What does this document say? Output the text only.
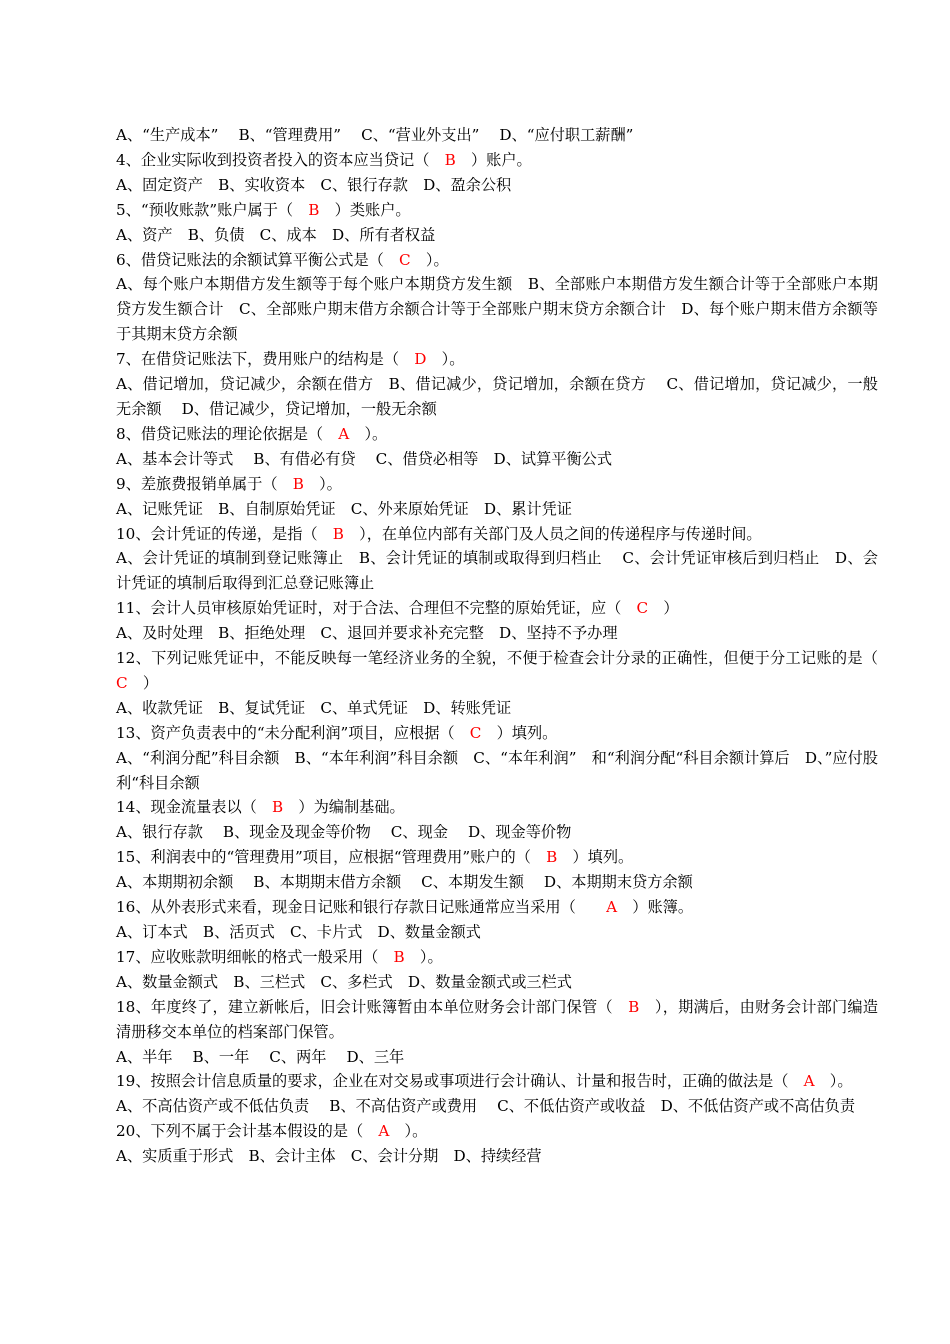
A、“生产成本”　 B、“管理费用”　 C、“营业外支出”　 D、“应付职工薪酬”

4、企业实际收到投资者投入的资本应当贷记（　B　）账户。

A、固定资产　B、实收资本　C、银行存款　D、盈余公积

5、“预收账款”账户属于（　B　）类账户。

A、资产　B、负债　C、成本　D、所有者权益

6、借贷记账法的余额试算平衡公式是（　C　）。

A、每个账户本期借方发生额等于每个账户本期贷方发生额　B、全部账户本期借方发生额合计等于全部账户本期贷方发生额合计　C、全部账户期末借方余额合计等于全部账户期末贷方余额合计　D、每个账户期末借方余额等于其期末贷方余额

7、在借贷记账法下，费用账户的结构是（　D　）。

A、借记增加，贷记减少，余额在借方　B、借记减少，贷记增加，余额在贷方　 C、借记增加，贷记减少，一般无余额　 D、借记减少，贷记增加，一般无余额

8、借贷记账法的理论依据是（　A　）。

A、基本会计等式　 B、有借必有贷　 C、借贷必相等　D、试算平衡公式

9、差旅费报销单属于（　B　）。

A、记账凭证　B、自制原始凭证　C、外来原始凭证　D、累计凭证

10、会计凭证的传递，是指（　B　），在单位内部有关部门及人员之间的传递程序与传递时间。

A、会计凭证的填制到登记账簿止　B、会计凭证的填制或取得到归档止　 C、会计凭证审核后到归档止　D、会计凭证的填制后取得到汇总登记账簿止

11、会计人员审核原始凭证时，对于合法、合理但不完整的原始凭证，应（　C　）

A、及时处理　B、拒绝处理　C、退回并要求补充完整　D、坚持不予办理

12、下列记账凭证中，不能反映每一笔经济业务的全貌，不便于检查会计分录的正确性，但便于分工记账的是（　C　）

A、收款凭证　B、复试凭证　C、单式凭证　D、转账凭证

13、资产负责表中的“未分配利润”项目，应根据（　C　）填列。

A、“利润分配”科目余额　B、“本年利润”科目余额　C、“本年利润”　和“利润分配“科目余额计算后　D、”应付股利“科目余额

14、现金流量表以（　B　）为编制基础。

A、银行存款　 B、现金及现金等价物　 C、现金　 D、现金等价物

15、利润表中的“管理费用”项目，应根据“管理费用”账户的（　B　）填列。

A、本期期初余额　 B、本期期末借方余额　 C、本期发生额　 D、本期期末贷方余额

16、从外表形式来看，现金日记账和银行存款日记账通常应当采用（　　A　）账簿。

A、订本式　B、活页式　C、卡片式　D、数量金额式

17、应收账款明细帐的格式一般采用（　B　）。

A、数量金额式　B、三栏式　C、多栏式　D、数量金额式或三栏式

18、年度终了，建立新帐后，旧会计账簿暂由本单位财务会计部门保管（　B　），期满后，由财务会计部门编造清册移交本单位的档案部门保管。

A、半年　 B、一年　 C、两年　 D、三年

19、按照会计信息质量的要求，企业在对交易或事项进行会计确认、计量和报告时，正确的做法是（　A　）。

A、不高估资产或不低估负责　 B、不高估资产或费用　 C、不低估资产或收益　D、不低估资产或不高估负责

20、下列不属于会计基本假设的是（　A　）。

A、实质重于形式　B、会计主体　C、会计分期　D、持续经营
